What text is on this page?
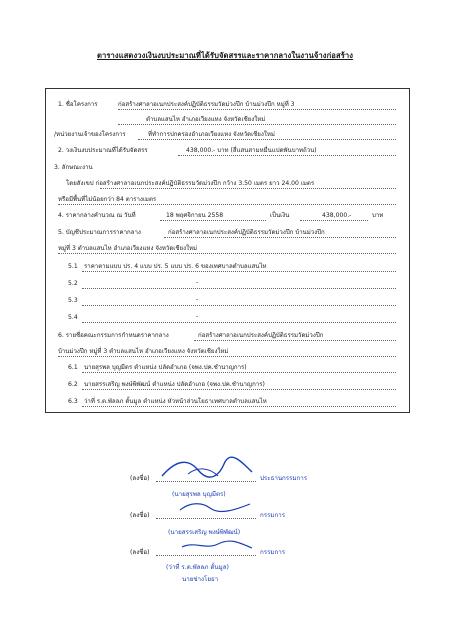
ตารางแสดงวงเงินงบประมาณที่ได้รับจัดสรรและราคากลางในงานจ้างก่อสร้าง
1. ชื่อโครงการ	ก่อสร้างศาลาอเนกประสงค์ปฏิบัติธรรมวัดม่วงปึก บ้านม่วงปึก หมู่ที่ 3
ตำบลแสนไห อำเภอเวียงแหง จังหวัดเชียงใหม่
/หน่วยงานเจ้าของโครงการ	ที่ทำการปกครองอำเภอเวียงแหง จังหวัดเชียงใหม่
2. วงเงินงบประมาณที่ได้รับจัดสรร	438,000.- บาท (สี่แสนสามหมื่นแปดพันบาทถ้วน)
3. ลักษณะงาน
โดยสังเขป ก่อสร้างศาลาอเนกประสงค์ปฏิบัติธรรมวัดม่วงปึก กว้าง 3.50 เมตร ยาว 24.00 เมตร
หรือมีพื้นที่ไม่น้อยกว่า 84 ตารางเมตร
4. ราคากลางคำนวณ ณ วันที่	18 พฤศจิกายน 2558	เป็นเงิน	438,000.-	บาท
5. บัญชีประมาณการราคากลาง	ก่อสร้างศาลาอเนกประสงค์ปฏิบัติธรรมวัดม่วงปึก บ้านม่วงปึก
หมู่ที่ 3 ตำบลแสนไห อำเภอเวียงแหง จังหวัดเชียงใหม่
5.1 ราคาตามแบบ ปร. 4 แบบ ปร. 5 แบบ ปร. 6 ของเทศบาลตำบลแสนไห
5.2	-
5.3	-
5.4	-
6. รายชื่อคณะกรรมการกำหนดราคากลาง	ก่อสร้างศาลาอเนกประสงค์ปฏิบัติธรรมวัดม่วงปึก
บ้านม่วงปึก หมู่ที่ 3 ตำบลแสนไห อำเภอเวียงแหง จังหวัดเชียงใหม่
6.1 นายสุรพล บุญมีตร ตำแหน่ง ปลัดอำเภอ (จพง.ปค.ชำนาญการ)
6.2 นายสรรเสริญ พงษ์พิพัฒน์ ตำแหน่ง ปลัดอำเภอ (จพง.ปค.ชำนาญการ)
6.3 ว่าที่ ร.ต.พัลลภ ตั้นมูล ตำแหน่ง หัวหน้าส่วนโยธาเทศบาลตำบลแสนไห
(ลงชื่อ)	ประธานกรรมการ
(นายสุรพล บุญมีตร)
(ลงชื่อ)	กรรมการ
(นายสรรเสริญ พงษ์พิพัฒน์)
(ลงชื่อ)	กรรมการ
(ว่าที่ ร.ต.พัลลภ ตั้นมูล)
นายช่างโยธา
